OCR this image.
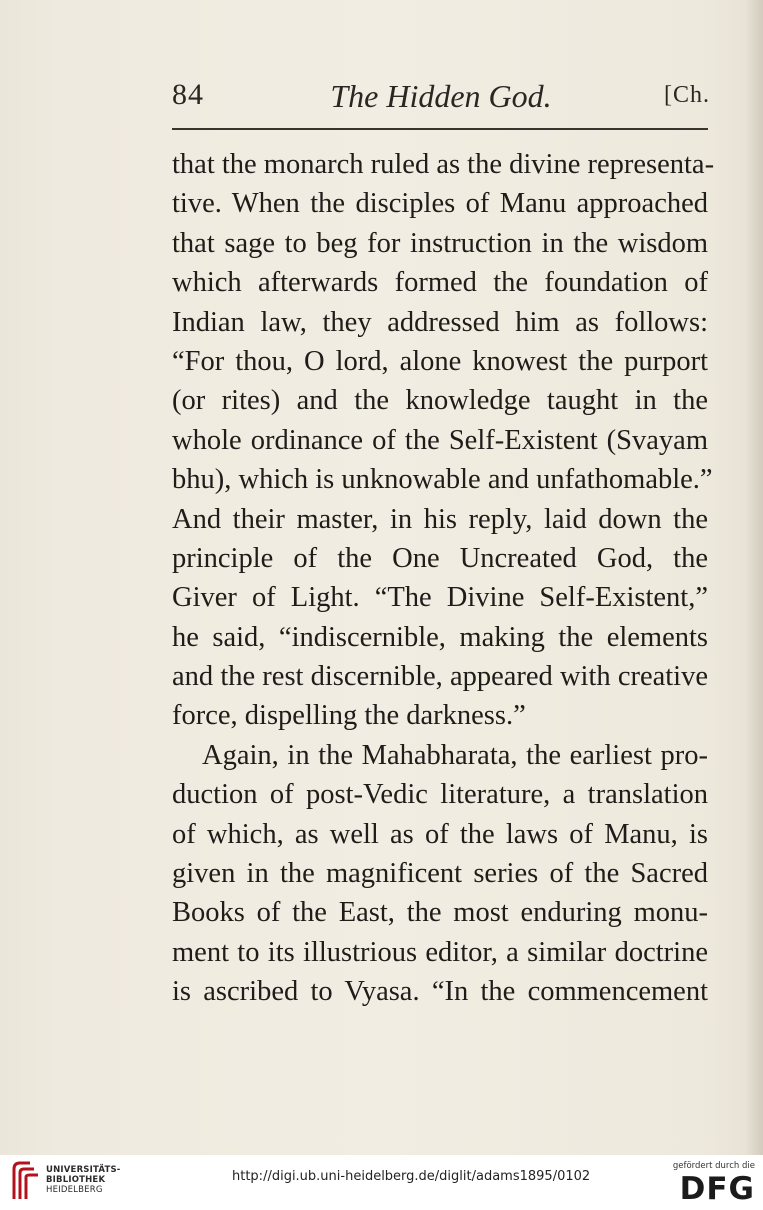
84	The Hidden God.	[Ch.
that the monarch ruled as the divine representa-
tive. When the disciples of Manu approached
that sage to beg for instruction in the wisdom
which afterwards formed the foundation of
Indian law, they addressed him as follows:
“For thou, O lord, alone knowest the purport
(or rites) and the knowledge taught in the
whole ordinance of the Self-Existent (Svayam
bhu), which is unknowable and unfathomable.”
And their master, in his reply, laid down the
principle of the One Uncreated God, the
Giver of Light. “The Divine Self-Existent,”
he said, “indiscernible, making the elements
and the rest discernible, appeared with creative
force, dispelling the darkness.”
Again, in the Mahabharata, the earliest pro-
duction of post-Vedic literature, a translation
of which, as well as of the laws of Manu, is
given in the magnificent series of the Sacred
Books of the East, the most enduring monu-
ment to its illustrious editor, a similar doctrine
is ascribed to Vyasa. “In the commencement
UNIVERSITÄTS-
BIBLIOTHEK
HEIDELBERG
http://digi.ub.uni-heidelberg.de/diglit/adams1895/0102
gefördert durch die
DFG
